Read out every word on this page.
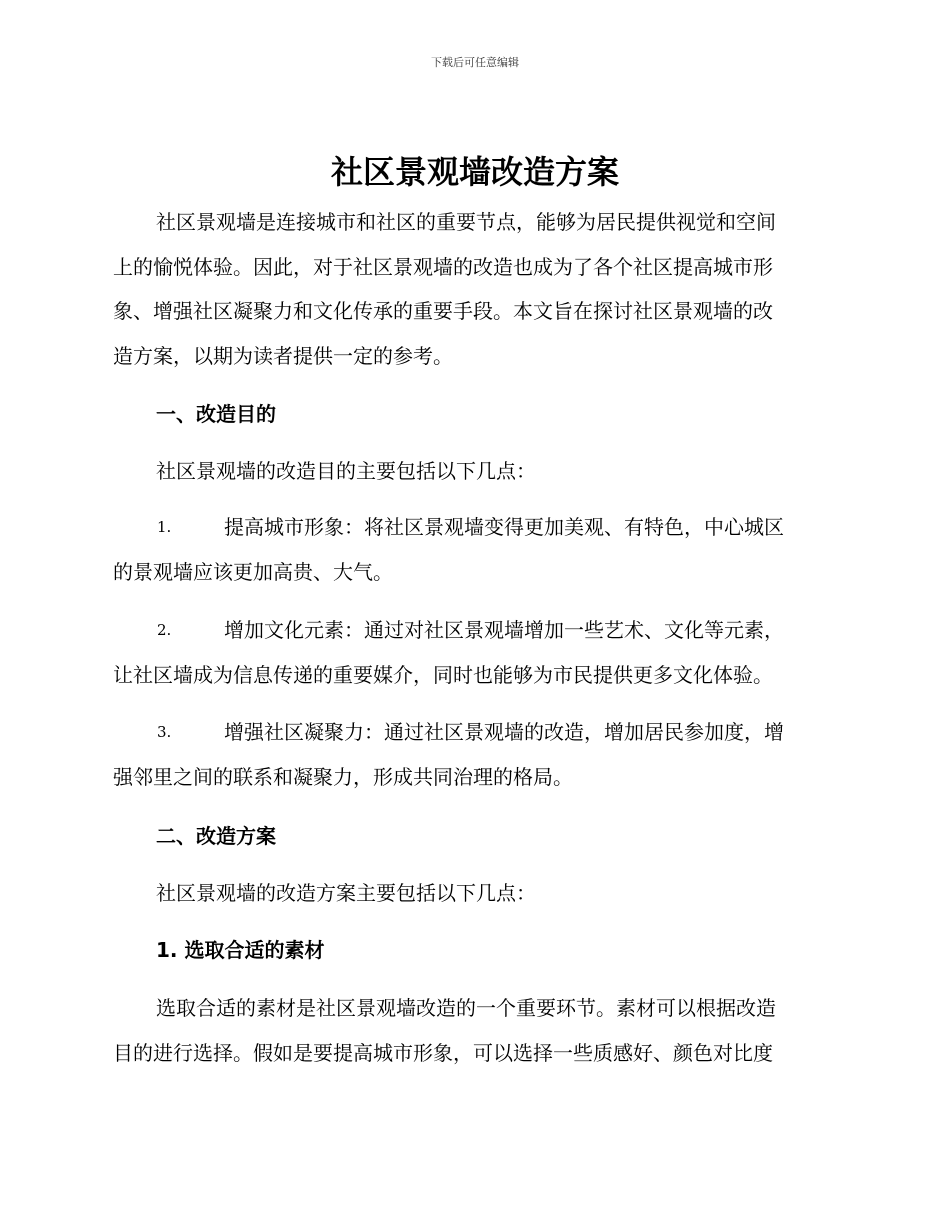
下载后可任意编辑
社区景观墙改造方案
社区景观墙是连接城市和社区的重要节点，能够为居民提供视觉和空间
上的愉悦体验。因此，对于社区景观墙的改造也成为了各个社区提高城市形
象、增强社区凝聚力和文化传承的重要手段。本文旨在探讨社区景观墙的改
造方案，以期为读者提供一定的参考。
一、改造目的
社区景观墙的改造目的主要包括以下几点：
1.	提高城市形象：将社区景观墙变得更加美观、有特色，中心城区
的景观墙应该更加高贵、大气。
2.	增加文化元素：通过对社区景观墙增加一些艺术、文化等元素，
让社区墙成为信息传递的重要媒介，同时也能够为市民提供更多文化体验。
3.	增强社区凝聚力：通过社区景观墙的改造，增加居民参加度，增
强邻里之间的联系和凝聚力，形成共同治理的格局。
二、改造方案
社区景观墙的改造方案主要包括以下几点：
1. 选取合适的素材
选取合适的素材是社区景观墙改造的一个重要环节。素材可以根据改造
目的进行选择。假如是要提高城市形象，可以选择一些质感好、颜色对比度
